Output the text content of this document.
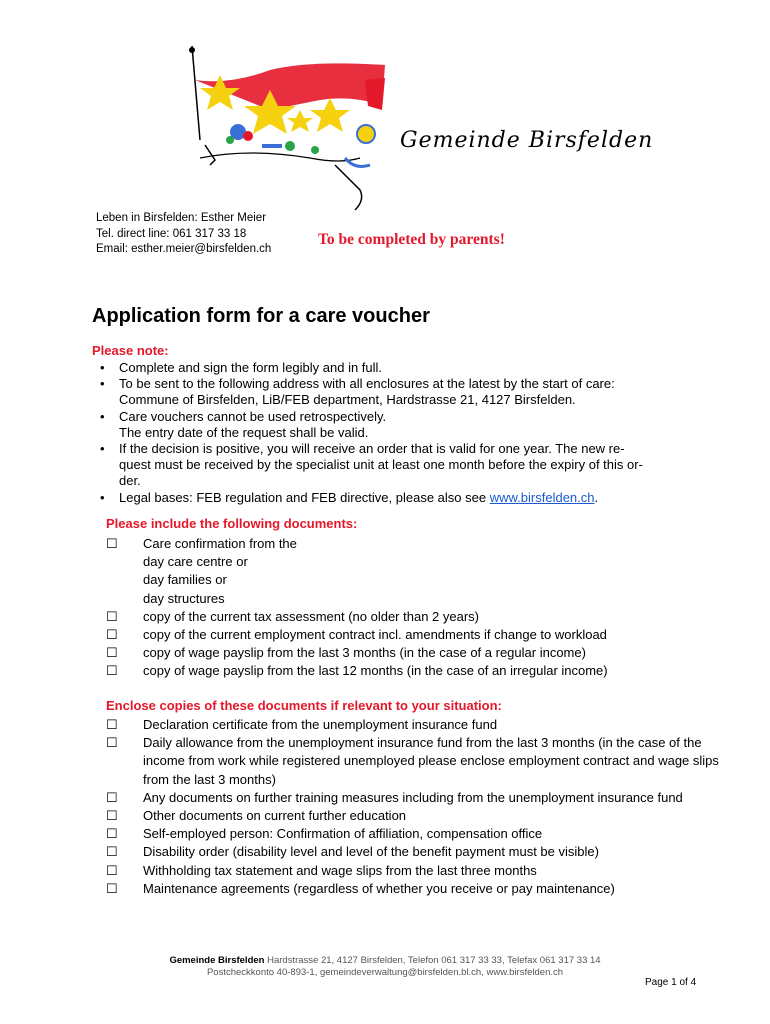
Gemeinde Birsfelden
Leben in Birsfelden: Esther Meier
Tel. direct line: 061 317 33 18
Email: esther.meier@birsfelden.ch
To be completed by parents!
Application form for a care voucher
Please note:
• Complete and sign the form legibly and in full.
• To be sent to the following address with all enclosures at the latest by the start of care:
Commune of Birsfelden, LiB/FEB department, Hardstrasse 21, 4127 Birsfelden.
• Care vouchers cannot be used retrospectively.
The entry date of the request shall be valid.
• If the decision is positive, you will receive an order that is valid for one year. The new re-
quest must be received by the specialist unit at least one month before the expiry of this or-
der.
• Legal bases: FEB regulation and FEB directive, please also see www.birsfelden.ch.
Please include the following documents:
☐ Care confirmation from the
day care centre or
day families or
day structures
☐ copy of the current tax assessment (no older than 2 years)
☐ copy of the current employment contract incl. amendments if change to workload
☐ copy of wage payslip from the last 3 months (in the case of a regular income)
☐ copy of wage payslip from the last 12 months (in the case of an irregular income)
Enclose copies of these documents if relevant to your situation:
☐ Declaration certificate from the unemployment insurance fund
☐ Daily allowance from the unemployment insurance fund from the last 3 months (in the case of the income from work while registered unemployed please enclose employment contract and wage slips from the last 3 months)
☐ Any documents on further training measures including from the unemployment insurance fund
☐ Other documents on current further education
☐ Self-employed person: Confirmation of affiliation, compensation office
☐ Disability order (disability level and level of the benefit payment must be visible)
☐ Withholding tax statement and wage slips from the last three months
☐ Maintenance agreements (regardless of whether you receive or pay maintenance)
Gemeinde Birsfelden Hardstrasse 21, 4127 Birsfelden, Telefon 061 317 33 33, Telefax 061 317 33 14
Postcheckkonto 40-893-1, gemeindeverwaltung@birsfelden.bl.ch, www.birsfelden.ch
Page 1 of 4
